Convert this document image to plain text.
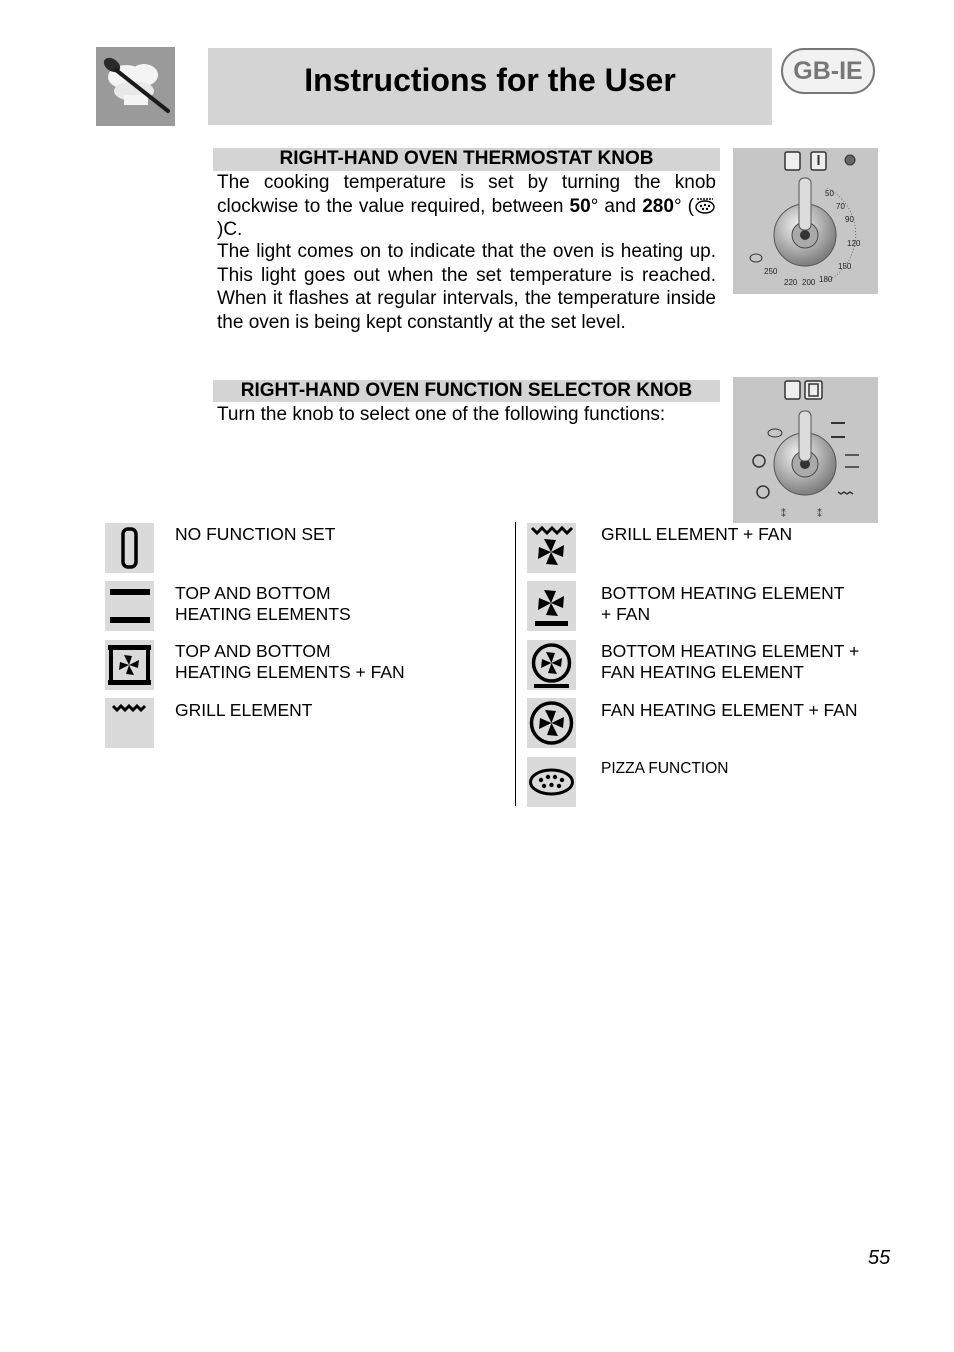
Instructions for the User	GB-IE
RIGHT-HAND OVEN THERMOSTAT KNOB
The cooking temperature is set by turning the knob clockwise to the value required, between 50° and 280° ()C.
The light comes on to indicate that the oven is heating up. This light goes out when the set temperature is reached. When it flashes at regular intervals, the temperature inside the oven is being kept constantly at the set level.
50
70
90
120
150
180
200
220
250
RIGHT-HAND OVEN FUNCTION SELECTOR KNOB
Turn the knob to select one of the following functions:
⁑	⁑
NO FUNCTION SET
TOP AND BOTTOM
HEATING ELEMENTS
TOP AND BOTTOM
HEATING ELEMENTS + FAN
GRILL ELEMENT
GRILL ELEMENT + FAN
BOTTOM HEATING ELEMENT
+ FAN
BOTTOM HEATING ELEMENT +
FAN HEATING ELEMENT
FAN HEATING ELEMENT + FAN
PIZZA FUNCTION
55
